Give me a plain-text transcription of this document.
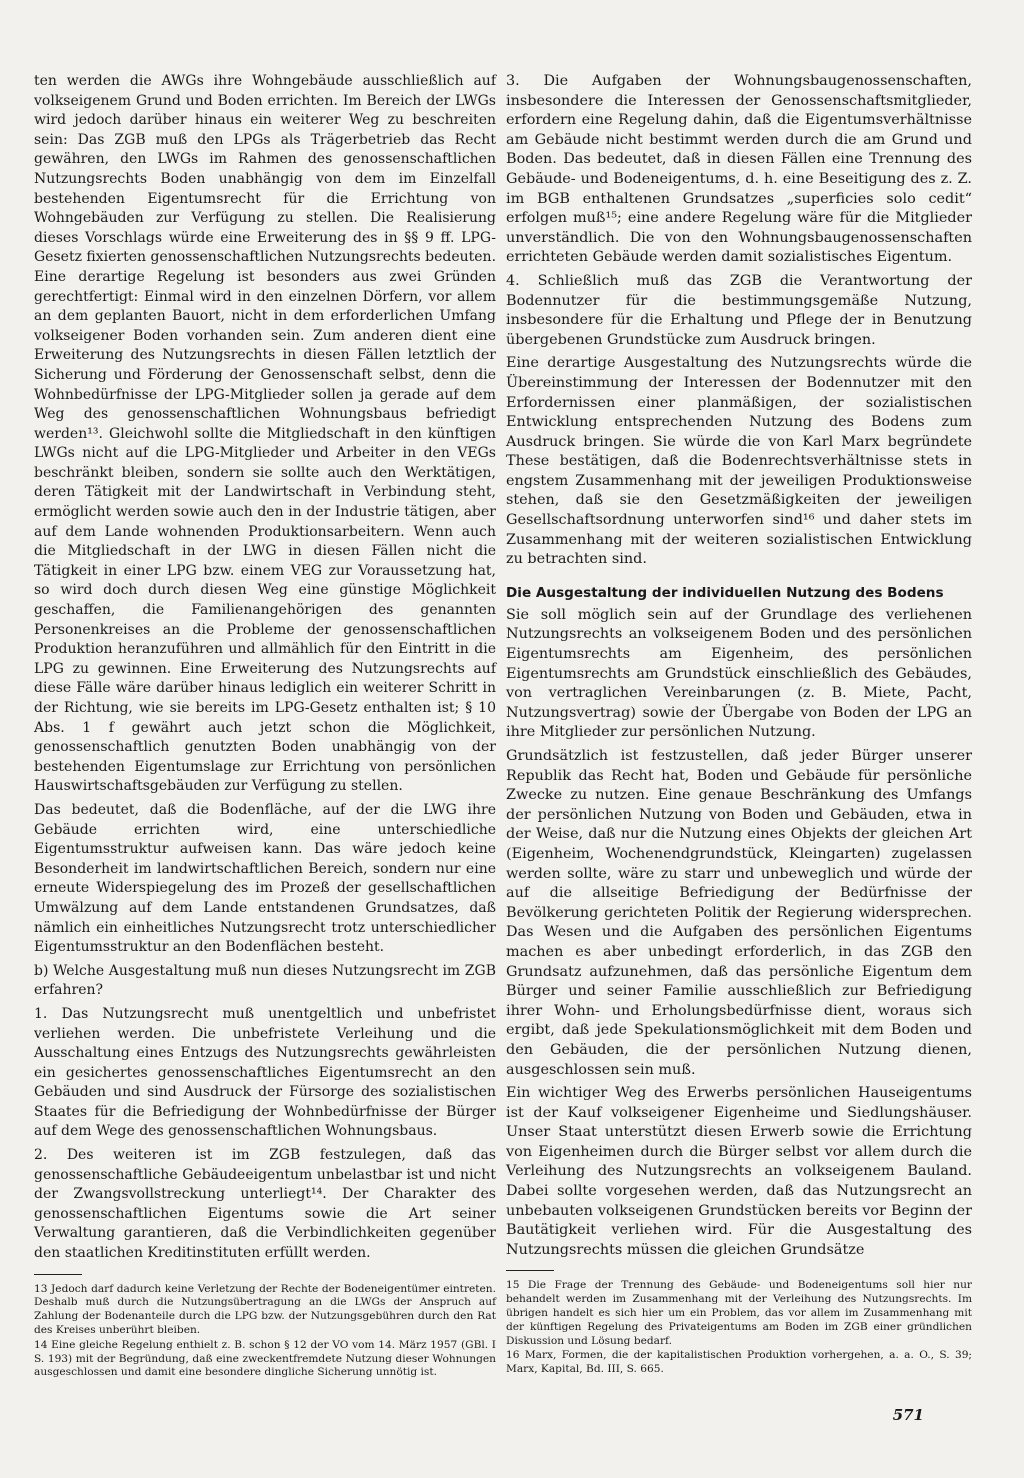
ten werden die AWGs ihre Wohngebäude ausschließlich auf volkseigenem Grund und Boden errichten. Im Bereich der LWGs wird jedoch darüber hinaus ein weiterer Weg zu beschreiten sein: Das ZGB muß den LPGs als Trägerbetrieb das Recht gewähren, den LWGs im Rahmen des genossenschaftlichen Nutzungsrechts Boden unabhängig von dem im Einzelfall bestehenden Eigentumsrecht für die Errichtung von Wohngebäuden zur Verfügung zu stellen. Die Realisierung dieses Vorschlags würde eine Erweiterung des in §§ 9 ff. LPG-Gesetz fixierten genossenschaftlichen Nutzungsrechts bedeuten. Eine derartige Regelung ist besonders aus zwei Gründen gerechtfertigt: Einmal wird in den einzelnen Dörfern, vor allem an dem geplanten Bauort, nicht in dem erforderlichen Umfang volkseigener Boden vorhanden sein. Zum anderen dient eine Erweiterung des Nutzungsrechts in diesen Fällen letztlich der Sicherung und Förderung der Genossenschaft selbst, denn die Wohnbedürfnisse der LPG-Mitglieder sollen ja gerade auf dem Weg des genossenschaftlichen Wohnungsbaus befriedigt werden¹³. Gleichwohl sollte die Mitgliedschaft in den künftigen LWGs nicht auf die LPG-Mitglieder und Arbeiter in den VEGs beschränkt bleiben, sondern sie sollte auch den Werktätigen, deren Tätigkeit mit der Landwirtschaft in Verbindung steht, ermöglicht werden sowie auch den in der Industrie tätigen, aber auf dem Lande wohnenden Produktionsarbeitern. Wenn auch die Mitgliedschaft in der LWG in diesen Fällen nicht die Tätigkeit in einer LPG bzw. einem VEG zur Voraussetzung hat, so wird doch durch diesen Weg eine günstige Möglichkeit geschaffen, die Familienangehörigen des genannten Personenkreises an die Probleme der genossenschaftlichen Produktion heranzuführen und allmählich für den Eintritt in die LPG zu gewinnen. Eine Erweiterung des Nutzungsrechts auf diese Fälle wäre darüber hinaus lediglich ein weiterer Schritt in der Richtung, wie sie bereits im LPG-Gesetz enthalten ist; § 10 Abs. 1 f gewährt auch jetzt schon die Möglichkeit, genossenschaftlich genutzten Boden unabhängig von der bestehenden Eigentumslage zur Errichtung von persönlichen Hauswirtschaftsgebäuden zur Verfügung zu stellen.

Das bedeutet, daß die Bodenfläche, auf der die LWG ihre Gebäude errichten wird, eine unterschiedliche Eigentumsstruktur aufweisen kann. Das wäre jedoch keine Besonderheit im landwirtschaftlichen Bereich, sondern nur eine erneute Widerspiegelung des im Prozeß der gesellschaftlichen Umwälzung auf dem Lande entstandenen Grundsatzes, daß nämlich ein einheitliches Nutzungsrecht trotz unterschiedlicher Eigentumsstruktur an den Bodenflächen besteht.

b) Welche Ausgestaltung muß nun dieses Nutzungsrecht im ZGB erfahren?

1. Das Nutzungsrecht muß unentgeltlich und unbefristet verliehen werden. Die unbefristete Verleihung und die Ausschaltung eines Entzugs des Nutzungsrechts gewährleisten ein gesichertes genossenschaftliches Eigentumsrecht an den Gebäuden und sind Ausdruck der Fürsorge des sozialistischen Staates für die Befriedigung der Wohnbedürfnisse der Bürger auf dem Wege des genossenschaftlichen Wohnungsbaus.

2. Des weiteren ist im ZGB festzulegen, daß das genossenschaftliche Gebäudeeigentum unbelastbar ist und nicht der Zwangsvollstreckung unterliegt¹⁴. Der Charakter des genossenschaftlichen Eigentums sowie die Art seiner Verwaltung garantieren, daß die Verbindlichkeiten gegenüber den staatlichen Kreditinstituten erfüllt werden.

13 Jedoch darf dadurch keine Verletzung der Rechte der Bodeneigentümer eintreten. Deshalb muß durch die Nutzungsübertragung an die LWGs der Anspruch auf Zahlung der Bodenanteile durch die LPG bzw. der Nutzungsgebühren durch den Rat des Kreises unberührt bleiben.

14 Eine gleiche Regelung enthielt z. B. schon § 12 der VO vom 14. März 1957 (GBl. I S. 193) mit der Begründung, daß eine zweckentfremdete Nutzung dieser Wohnungen ausgeschlossen und damit eine besondere dingliche Sicherung unnötig ist.

3. Die Aufgaben der Wohnungsbaugenossenschaften, insbesondere die Interessen der Genossenschaftsmitglieder, erfordern eine Regelung dahin, daß die Eigentumsverhältnisse am Gebäude nicht bestimmt werden durch die am Grund und Boden. Das bedeutet, daß in diesen Fällen eine Trennung des Gebäude- und Bodeneigentums, d. h. eine Beseitigung des z. Z. im BGB enthaltenen Grundsatzes „superficies solo cedit“ erfolgen muß¹⁵; eine andere Regelung wäre für die Mitglieder unverständlich. Die von den Wohnungsbaugenossenschaften errichteten Gebäude werden damit sozialistisches Eigentum.

4. Schließlich muß das ZGB die Verantwortung der Bodennutzer für die bestimmungsgemäße Nutzung, insbesondere für die Erhaltung und Pflege der in Benutzung übergebenen Grundstücke zum Ausdruck bringen.

Eine derartige Ausgestaltung des Nutzungsrechts würde die Übereinstimmung der Interessen der Bodennutzer mit den Erfordernissen einer planmäßigen, der sozialistischen Entwicklung entsprechenden Nutzung des Bodens zum Ausdruck bringen. Sie würde die von Karl Marx begründete These bestätigen, daß die Bodenrechtsverhältnisse stets in engstem Zusammenhang mit der jeweiligen Produktionsweise stehen, daß sie den Gesetzmäßigkeiten der jeweiligen Gesellschaftsordnung unterworfen sind¹⁶ und daher stets im Zusammenhang mit der weiteren sozialistischen Entwicklung zu betrachten sind.

Die Ausgestaltung der individuellen Nutzung des Bodens

Sie soll möglich sein auf der Grundlage des verliehenen Nutzungsrechts an volkseigenem Boden und des persönlichen Eigentumsrechts am Eigenheim, des persönlichen Eigentumsrechts am Grundstück einschließlich des Gebäudes, von vertraglichen Vereinbarungen (z. B. Miete, Pacht, Nutzungsvertrag) sowie der Übergabe von Boden der LPG an ihre Mitglieder zur persönlichen Nutzung.

Grundsätzlich ist festzustellen, daß jeder Bürger unserer Republik das Recht hat, Boden und Gebäude für persönliche Zwecke zu nutzen. Eine genaue Beschränkung des Umfangs der persönlichen Nutzung von Boden und Gebäuden, etwa in der Weise, daß nur die Nutzung eines Objekts der gleichen Art (Eigenheim, Wochenendgrundstück, Kleingarten) zugelassen werden sollte, wäre zu starr und unbeweglich und würde der auf die allseitige Befriedigung der Bedürfnisse der Bevölkerung gerichteten Politik der Regierung widersprechen. Das Wesen und die Aufgaben des persönlichen Eigentums machen es aber unbedingt erforderlich, in das ZGB den Grundsatz aufzunehmen, daß das persönliche Eigentum dem Bürger und seiner Familie ausschließlich zur Befriedigung ihrer Wohn- und Erholungsbedürfnisse dient, woraus sich ergibt, daß jede Spekulationsmöglichkeit mit dem Boden und den Gebäuden, die der persönlichen Nutzung dienen, ausgeschlossen sein muß.

Ein wichtiger Weg des Erwerbs persönlichen Hauseigentums ist der Kauf volkseigener Eigenheime und Siedlungshäuser. Unser Staat unterstützt diesen Erwerb sowie die Errichtung von Eigenheimen durch die Bürger selbst vor allem durch die Verleihung des Nutzungsrechts an volkseigenem Bauland. Dabei sollte vorgesehen werden, daß das Nutzungsrecht an unbebauten volkseigenen Grundstücken bereits vor Beginn der Bautätigkeit verliehen wird. Für die Ausgestaltung des Nutzungsrechts müssen die gleichen Grundsätze

15 Die Frage der Trennung des Gebäude- und Bodeneigentums soll hier nur behandelt werden im Zusammenhang mit der Verleihung des Nutzungsrechts. Im übrigen handelt es sich hier um ein Problem, das vor allem im Zusammenhang mit der künftigen Regelung des Privateigentums am Boden im ZGB einer gründlichen Diskussion und Lösung bedarf.

16 Marx, Formen, die der kapitalistischen Produktion vorhergehen, a. a. O., S. 39; Marx, Kapital, Bd. III, S. 665.

571
